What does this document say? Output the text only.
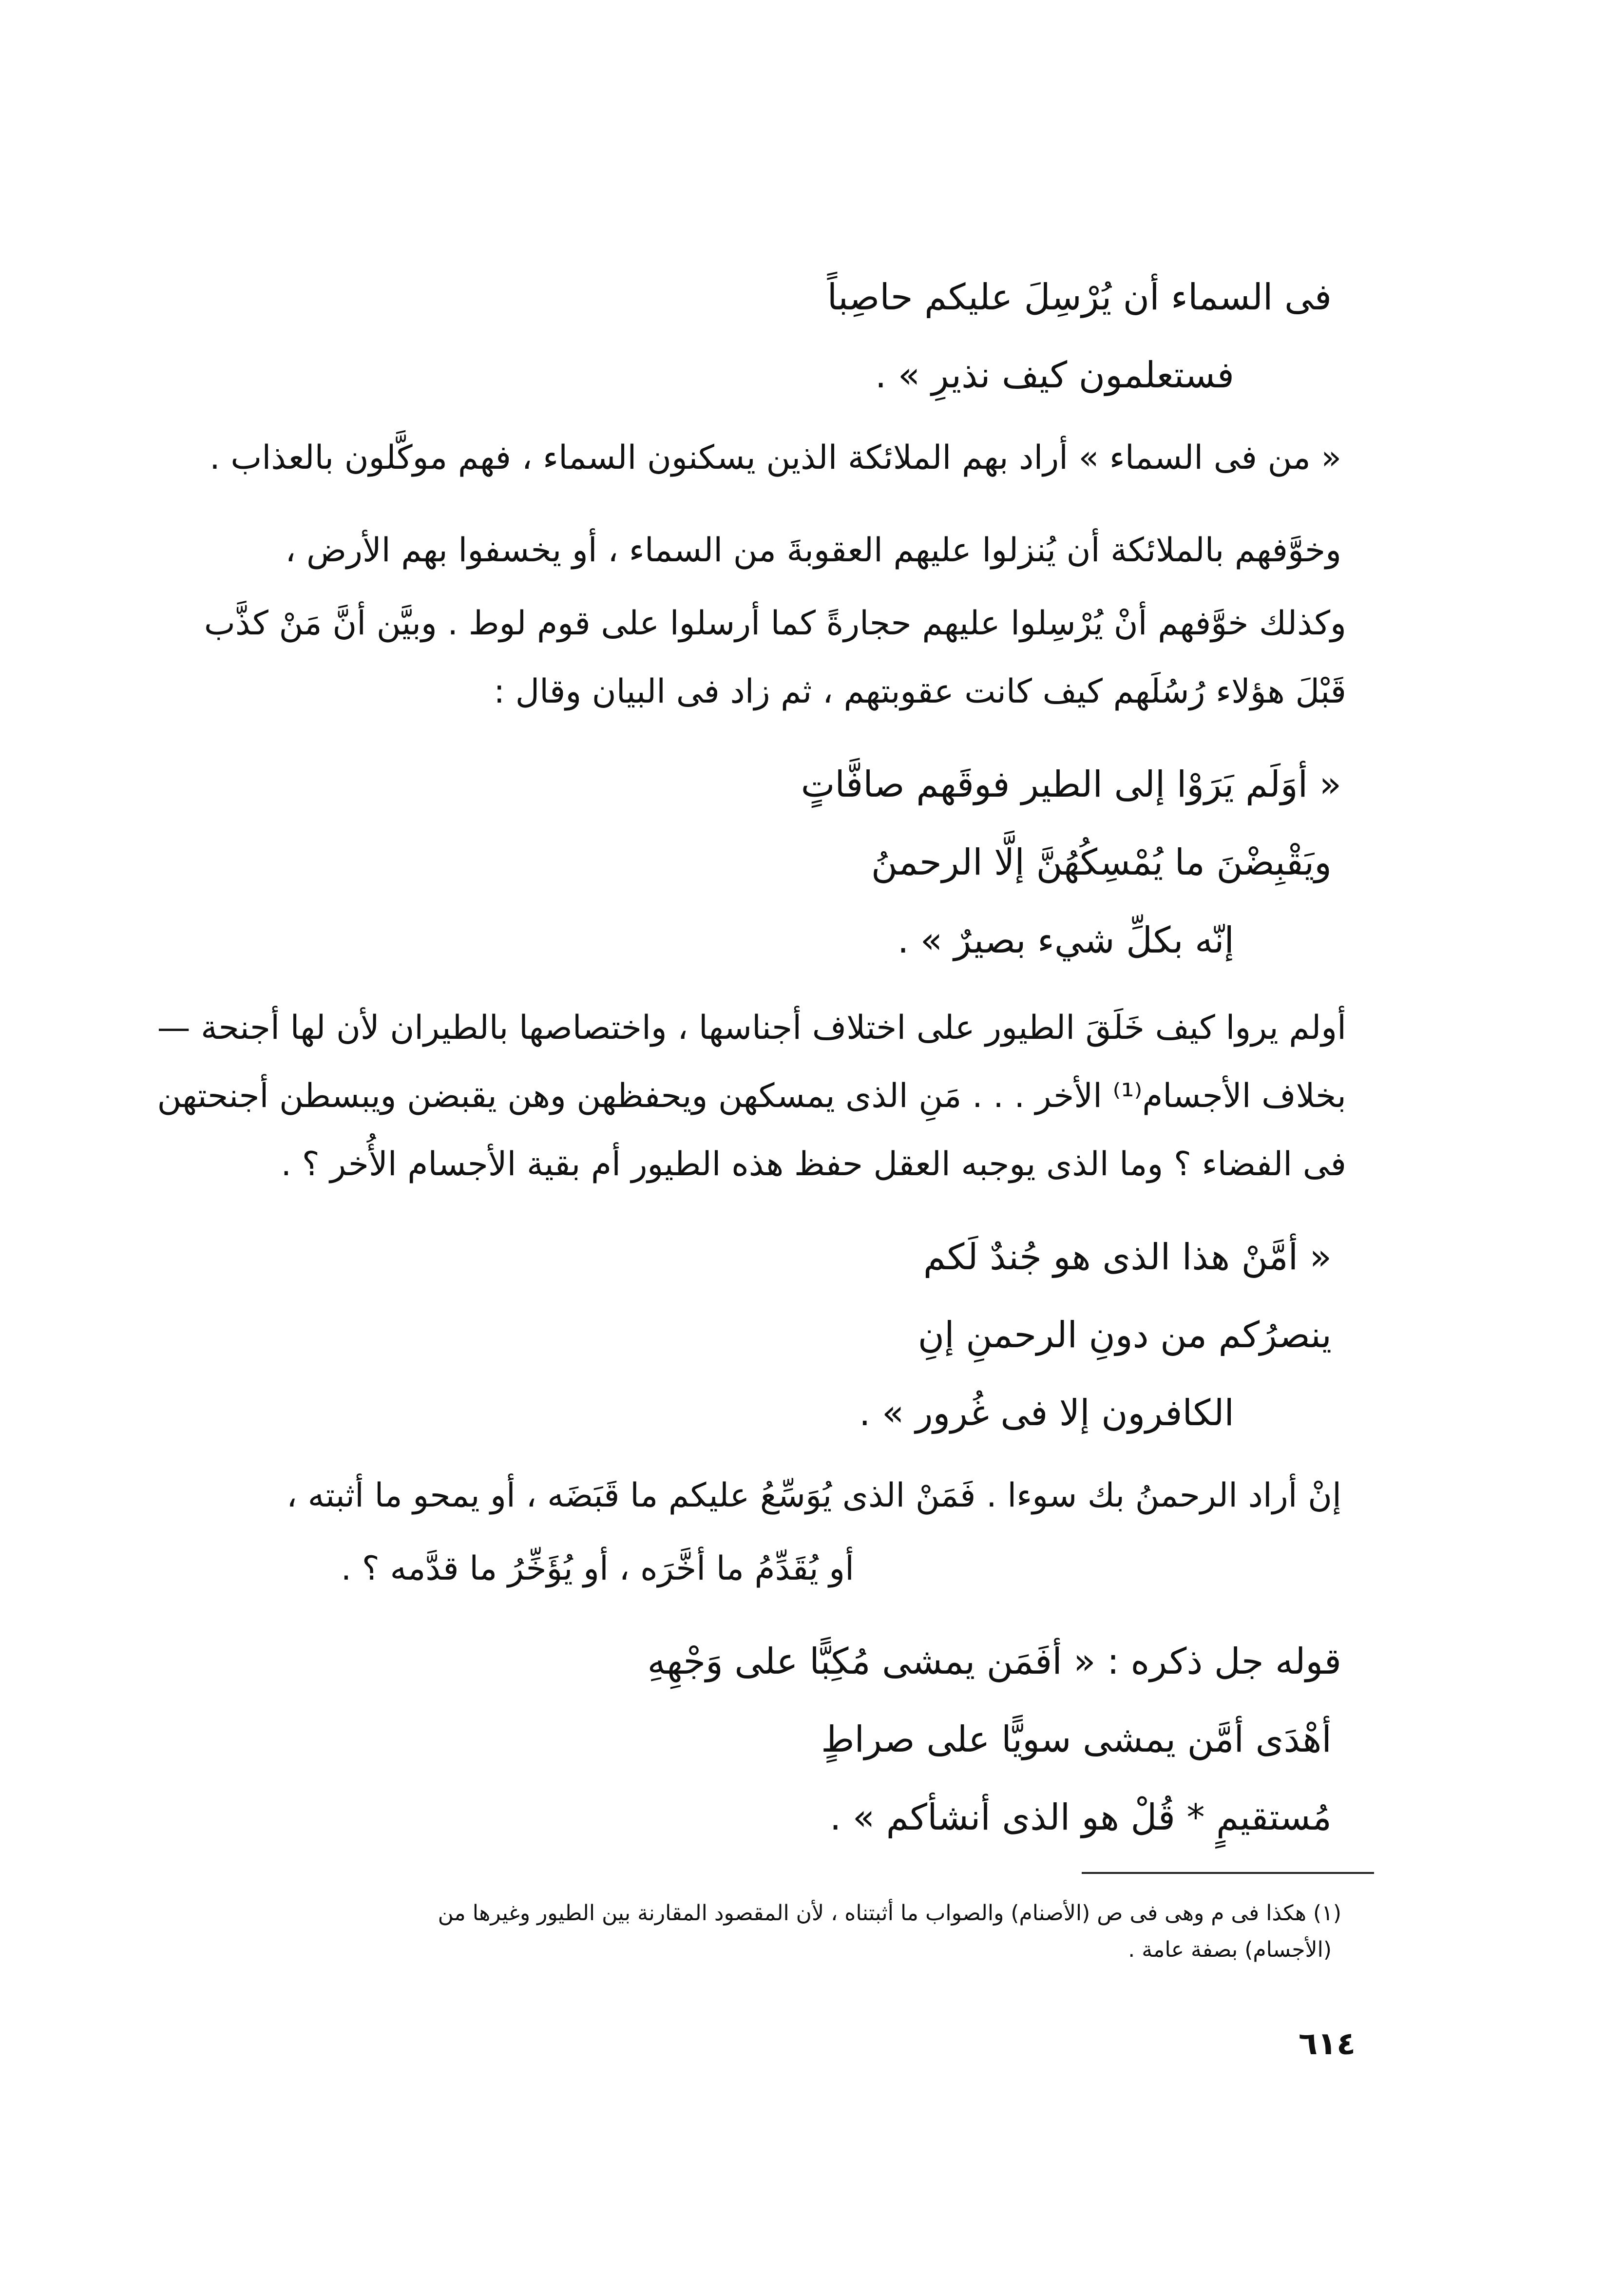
فى السماء أن يُرْسِلَ عليكم حاصِباً
فستعلمون كيف نذيرِ » .
« من فى السماء » أراد بهم الملائكة الذين يسكنون السماء ، فهم موكَّلون بالعذاب .
وخوَّفهم بالملائكة أن يُنزلوا عليهم العقوبةَ من السماء ، أو يخسفوا بهم الأرض ،
وكذلك خوَّفهم أنْ يُرْسِلوا عليهم حجارةً كما أرسلوا على قوم لوط . وبيَّن أنَّ مَنْ كذَّب
قَبْلَ هؤلاء رُسُلَهم كيف كانت عقوبتهم ، ثم زاد فى البيان وقال :
« أوَلَم يَرَوْا إلى الطير فوقَهم صافَّاتٍ
ويَقْبِضْنَ ما يُمْسِكُهُنَّ إلَّا الرحمنُ
إنّه بكلِّ شيء بصيرٌ » .
أولم يروا كيف خَلَقَ الطيور على اختلاف أجناسها ، واختصاصها بالطيران لأن لها أجنحة —
بخلاف الأجسام⁽¹⁾ الأخر . . . مَنِ الذى يمسكهن ويحفظهن وهن يقبضن ويبسطن أجنحتهن
فى الفضاء ؟ وما الذى يوجبه العقل حفظ هذه الطيور أم بقية الأجسام الأُخر ؟ .
« أمَّنْ هذا الذى هو جُندٌ لَكم
ينصرُكم من دونِ الرحمنِ إنِ
الكافرون إلا فى غُرور » .
إنْ أراد الرحمنُ بك سوءا . فَمَنْ الذى يُوَسِّعُ عليكم ما قَبَضَه ، أو يمحو ما أثبته ،
أو يُقَدِّمُ ما أخَّرَه ، أو يُؤَخِّرُ ما قدَّمه ؟ .
قوله جل ذكره : « أفَمَن يمشى مُكِبًّا على وَجْهِهِ
أهْدَى أمَّن يمشى سويًّا على صراطٍ
مُستقيمٍ * قُلْ هو الذى أنشأكم » .
(١) هكذا فى م وهى فى ص (الأصنام) والصواب ما أثبتناه ، لأن المقصود المقارنة بين الطيور وغيرها من
(الأجسام) بصفة عامة .
٦١٤
